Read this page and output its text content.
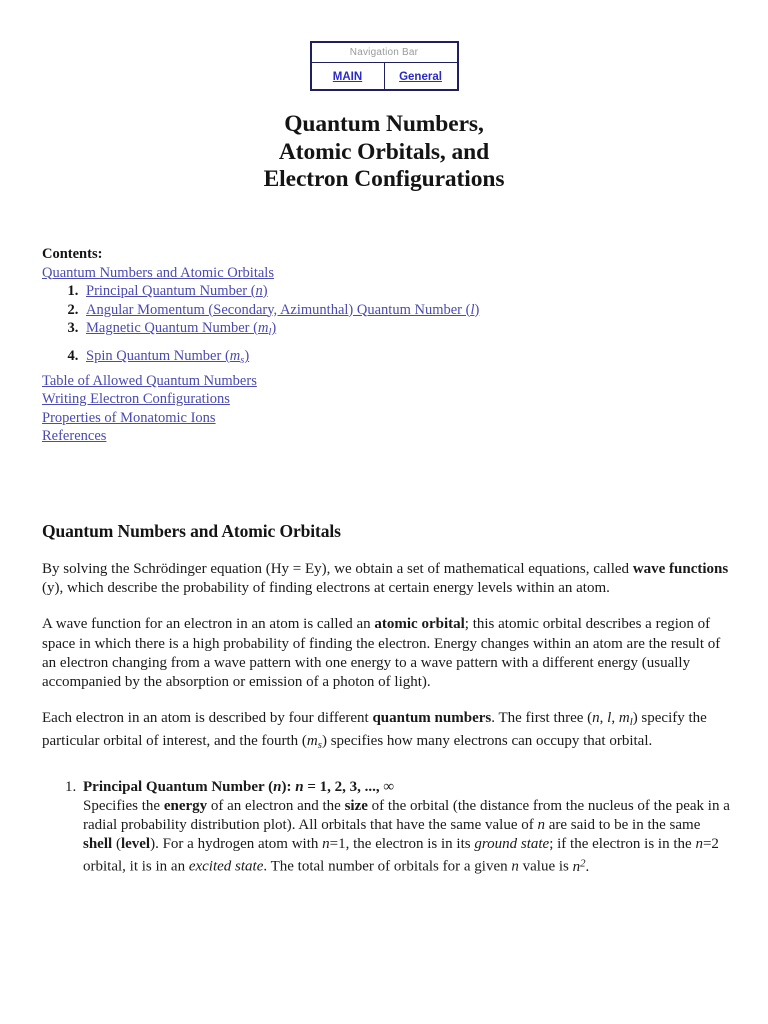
Navigation Bar
MAIN	General
Quantum Numbers,
Atomic Orbitals, and
Electron Configurations
Contents:
Quantum Numbers and Atomic Orbitals
1. Principal Quantum Number (n)
2. Angular Momentum (Secondary, Azimunthal) Quantum Number (l)
3. Magnetic Quantum Number $(m_l)$
4. Spin Quantum Number $(m_s)$
Table of Allowed Quantum Numbers
Writing Electron Configurations
Properties of Monatomic Ions
References
Quantum Numbers and Atomic Orbitals

By solving the Schrödinger equation (Hy = Ey), we obtain a set of mathematical equations, called wave functions (y), which describe the probability of finding electrons at certain energy levels within an atom.

A wave function for an electron in an atom is called an atomic orbital; this atomic orbital describes a region of space in which there is a high probability of finding the electron. Energy changes within an atom are the result of an electron changing from a wave pattern with one energy to a wave pattern with a different energy (usually accompanied by the absorption or emission of a photon of light).

Each electron in an atom is described by four different quantum numbers. The first three (n, l, $m_l$) specify the particular orbital of interest, and the fourth $(m_s)$ specifies how many electrons can occupy that orbital.

1. Principal Quantum Number (n): n = 1, 2, 3, ..., ∞
Specifies the energy of an electron and the size of the orbital (the distance from the nucleus of the peak in a radial probability distribution plot). All orbitals that have the same value of n are said to be in the same shell (level). For a hydrogen atom with n=1, the electron is in its ground state; if the electron is in the n=2 orbital, it is in an excited state. The total number of orbitals for a given n value is $n^2$.
